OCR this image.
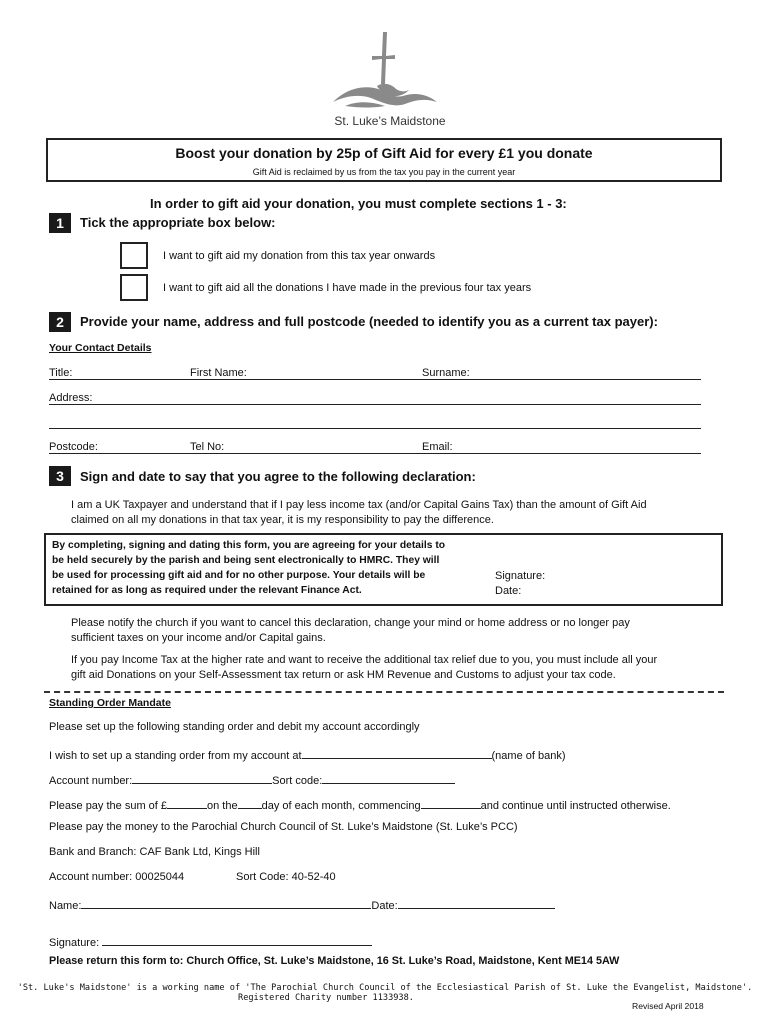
St. Luke’s Maidstone
Boost your donation by 25p of Gift Aid for every £1 you donate
Gift Aid is reclaimed by us from the tax you pay in the current year
In order to gift aid your donation, you must complete sections 1 - 3:
1	Tick the appropriate box below:
I want to gift aid my donation from this tax year onwards
I want to gift aid all the donations I have made in the previous four tax years
2	Provide your name, address and full postcode (needed to identify you as a current tax payer):
Your Contact Details
Title:	First Name:	Surname:
Address:
Postcode:	Tel No:	Email:
3	Sign and date to say that you agree to the following declaration:
I am a UK Taxpayer and understand that if I pay less income tax (and/or Capital Gains Tax) than the amount of Gift Aid
claimed on all my donations in that tax year, it is my responsibility to pay the difference.
By completing, signing and dating this form, you are agreeing for your details to
be held securely by the parish and being sent electronically to HMRC. They will
be used for processing gift aid and for no other purpose. Your details will be
retained for as long as required under the relevant Finance Act.
Signature:
Date:
Please notify the church if you want to cancel this declaration, change your mind or home address or no longer pay
sufficient taxes on your income and/or Capital gains.
If you pay Income Tax at the higher rate and want to receive the additional tax relief due to you, you must include all your
gift aid Donations on your Self-Assessment tax return or ask HM Revenue and Customs to adjust your tax code.
Standing Order Mandate
Please set up the following standing order and debit my account accordingly
I wish to set up a standing order from my account at	(name of bank)
Account number:	Sort code:
Please pay the sum of £	on the day of each month, commencing	and continue until instructed otherwise.
Please pay the money to the Parochial Church Council of St. Luke’s Maidstone (St. Luke’s PCC)
Bank and Branch: CAF Bank Ltd, Kings Hill
Account number: 00025044	Sort Code: 40-52-40
Name:	Date:
Signature:
Please return this form to: Church Office, St. Luke’s Maidstone, 16 St. Luke’s Road, Maidstone, Kent ME14 5AW
'St. Luke's Maidstone' is a working name of 'The Parochial Church Council of the Ecclesiastical Parish of St. Luke the Evangelist, Maidstone'.
Registered Charity number 1133938.
Revised April 2018
